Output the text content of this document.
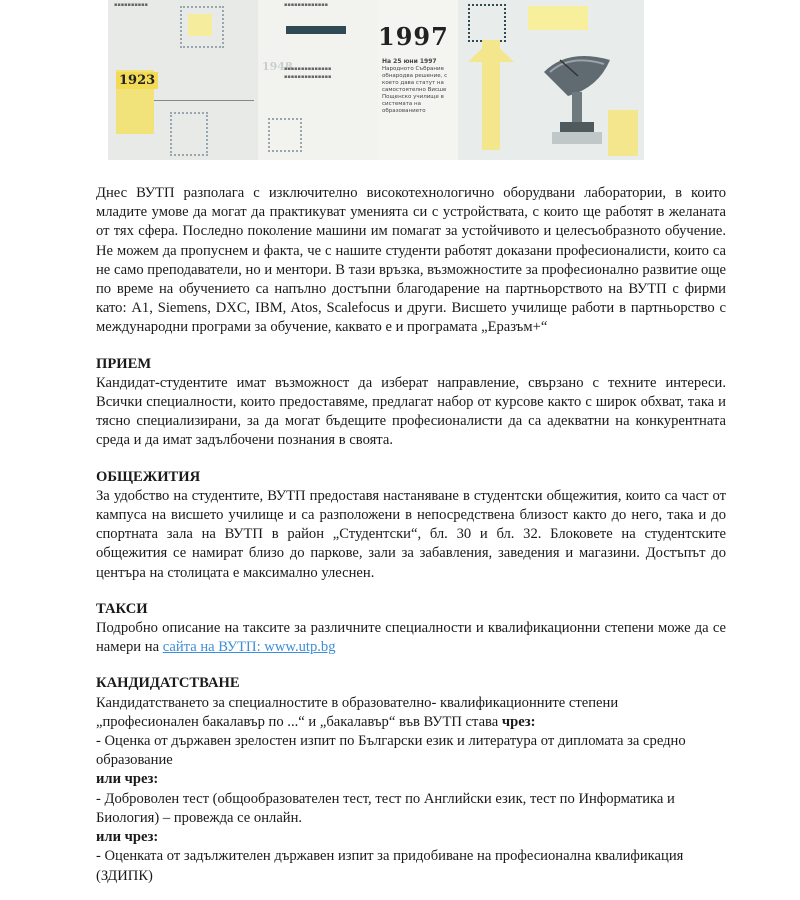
▪▪▪▪▪▪▪▪▪▪
1923
1948
▪▪▪▪▪▪▪▪▪▪▪▪▪▪
▪▪▪▪▪▪▪▪▪▪▪▪▪▪
▪▪▪▪▪▪▪▪▪▪▪▪▪
1997
На 25 юни 1997
Народното Събрание обнародва решение, с което дава статут на самостоятелно Висше Пощенско училище в системата на образованието

Днес ВУТП разполага с изключително високотехнологично оборудвани лаборатории, в които младите умове да могат да практикуват уменията си с устройствата, с които ще работят в желаната от тях сфера. Последно поколение машини им помагат за устойчивото и целесъобразното обучение. Не можем да пропуснем и факта, че с нашите студенти работят доказани професионалисти, които са не само преподаватели, но и ментори. В тази връзка, възможностите за професионално развитие още по време на обучението са напълно достъпни благодарение на партньорството на ВУТП с фирми като: A1, Siemens, DXC, IBM, Atos, Scalefocus и други. Висшето училище работи в партньорство с международни програми за обучение, каквато е и програмата „Еразъм+“

ПРИЕМ

Кандидат-студентите имат възможност да изберат направление, свързано с техните интереси. Всички специалности, които предоставяме, предлагат набор от курсове както с широк обхват, така и тясно специализирани, за да могат бъдещите професионалисти да са адекватни на конкурентната среда и да имат задълбочени познания в своята.

ОБЩЕЖИТИЯ

За удобство на студентите, ВУТП предоставя настаняване в студентски общежития, които са част от кампуса на висшето училище и са разположени в непосредствена близост както до него, така и до спортната зала на ВУТП в район „Студентски“, бл. 30 и бл. 32. Блоковете на студентските общежития се намират близо до паркове, зали за забавления, заведения и магазини. Достъпът до центъра на столицата е максимално улеснен.

ТАКСИ

Подробно описание на таксите за различните специалности и квалификационни степени може да се намери на сайта на ВУТП: www.utp.bg

КАНДИДАТСТВАНЕ

Кандидатстването за специалностите в образователно- квалификационните степени

„професионален бакалавър по ...“ и „бакалавър“ във ВУТП става чрез:

- Оценка от държавен зрелостен изпит по Български език и литература от дипломата за средно образование

или чрез:

- Доброволен тест (общообразователен тест, тест по Английски език, тест по Информатика и Биология) – провежда се онлайн.

или чрез:

- Оценката от задължителен държавен изпит за придобиване на професионална квалификация (ЗДИПК)
